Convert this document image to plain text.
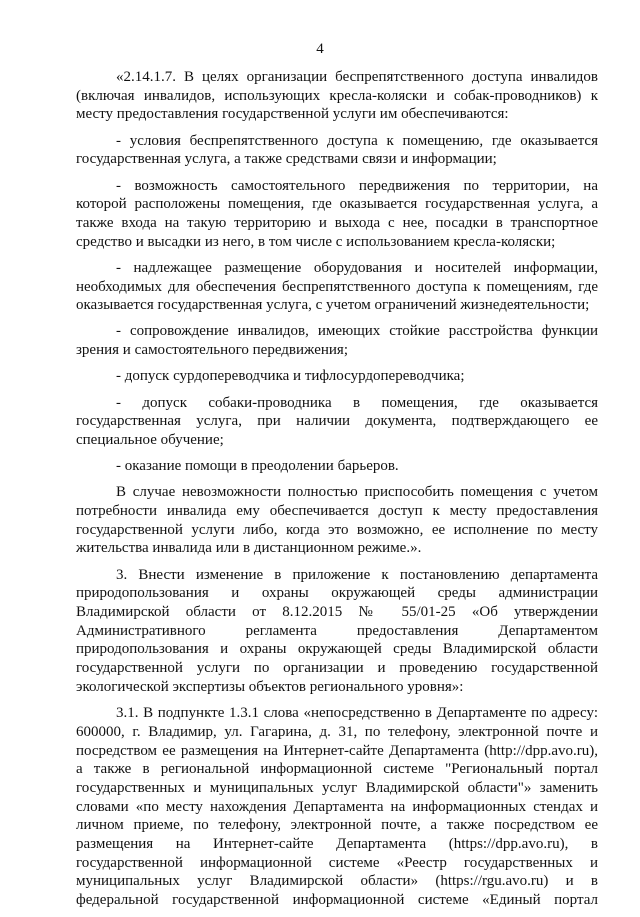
4
«2.14.1.7. В целях организации беспрепятственного доступа инвалидов
(включая инвалидов, использующих кресла-коляски и собак-проводников) к
месту предоставления государственной услуги им обеспечиваются:
- условия беспрепятственного доступа к помещению, где оказывается
государственная услуга, а также средствами связи и информации;
- возможность самостоятельного передвижения по территории, на
которой расположены помещения, где оказывается государственная услуга, а
также входа на такую территорию и выхода с нее, посадки в транспортное
средство и высадки из него, в том числе с использованием кресла-коляски;
- надлежащее размещение оборудования и носителей информации,
необходимых для обеспечения беспрепятственного доступа к помещениям, где
оказывается государственная услуга, с учетом ограничений жизнедеятельности;
- сопровождение инвалидов, имеющих стойкие расстройства функции
зрения и самостоятельного передвижения;
- допуск сурдопереводчика и тифлосурдопереводчика;
- допуск собаки-проводника в помещения, где оказывается
государственная услуга, при наличии документа, подтверждающего ее
специальное обучение;
- оказание помощи в преодолении барьеров.
В случае невозможности полностью приспособить помещения с учетом
потребности инвалида ему обеспечивается доступ к месту предоставления
государственной услуги либо, когда это возможно, ее исполнение по месту
жительства инвалида или в дистанционном режиме.».
3. Внести изменение в приложение к постановлению департамента
природопользования и охраны окружающей среды администрации
Владимирской области от 8.12.2015 № 55/01-25 «Об утверждении
Административного регламента предоставления Департаментом
природопользования и охраны окружающей среды Владимирской области
государственной услуги по организации и проведению государственной
экологической экспертизы объектов регионального уровня»:
3.1. В подпункте 1.3.1 слова «непосредственно в Департаменте по адресу:
600000, г. Владимир, ул. Гагарина, д. 31, по телефону, электронной почте и
посредством ее размещения на Интернет-сайте Департамента (http://dpp.avo.ru),
а также в региональной информационной системе "Региональный портал
государственных и муниципальных услуг Владимирской области"» заменить
словами «по месту нахождения Департамента на информационных стендах и
личном приеме, по телефону, электронной почте, а также посредством ее
размещения на Интернет-сайте Департамента (https://dpp.avo.ru), в
государственной информационной системе «Реестр государственных и
муниципальных услуг Владимирской области» (https://rgu.avo.ru) и в
федеральной государственной информационной системе «Единый портал
